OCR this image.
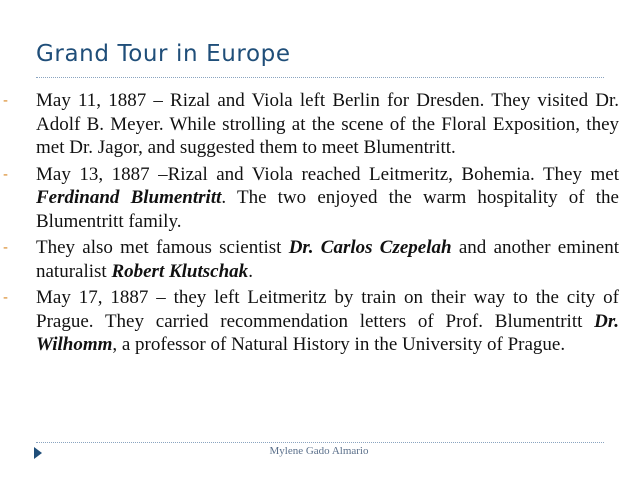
Grand Tour in Europe
- May 11, 1887 – Rizal and Viola left Berlin for Dresden. They visited Dr. Adolf B. Meyer. While strolling at the scene of the Floral Exposition, they met Dr. Jagor, and suggested them to meet Blumentritt.
- May 13, 1887 –Rizal and Viola reached Leitmeritz, Bohemia. They met Ferdinand Blumentritt. The two enjoyed the warm hospitality of the Blumentritt family.
- They also met famous scientist Dr. Carlos Czepelah and another eminent naturalist Robert Klutschak.
- May 17, 1887 – they left Leitmeritz by train on their way to the city of Prague. They carried recommendation letters of Prof. Blumentritt Dr. Wilhomm, a professor of Natural History in the University of Prague.
Mylene Gado Almario
